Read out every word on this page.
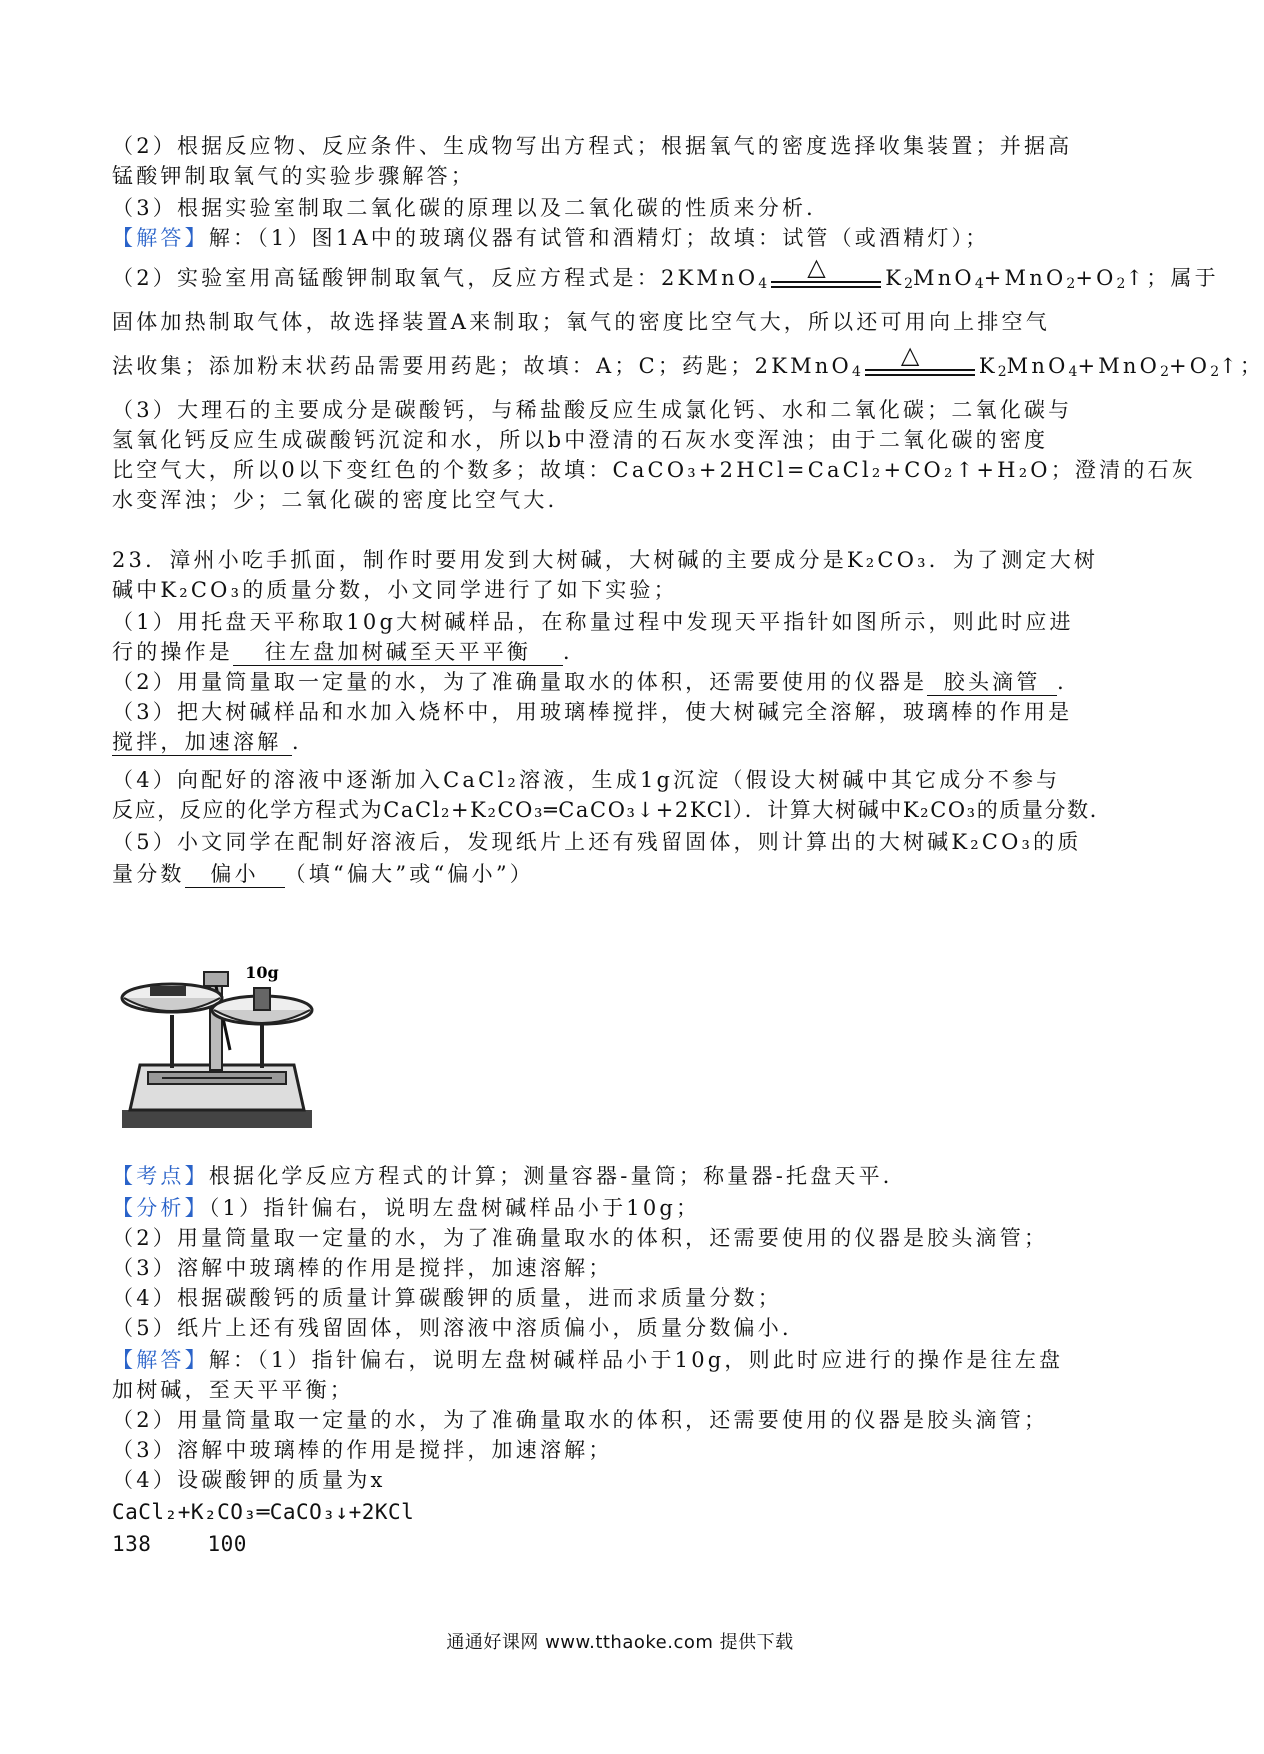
（2）根据反应物、反应条件、生成物写出方程式；根据氧气的密度选择收集装置；并据高
锰酸钾制取氧气的实验步骤解答；
（3）根据实验室制取二氧化碳的原理以及二氧化碳的性质来分析．
【解答】解：（1）图1A中的玻璃仪器有试管和酒精灯；故填：试管（或酒精灯）；
（2）实验室用高锰酸钾制取氧气，反应方程式是：2KMnO$_4$
△	$K_2MnO_4+MnO_2+O_2↑$；属于
固体加热制取气体，故选择装置A来制取；氧气的密度比空气大，所以还可用向上排空气
法收集；添加粉末状药品需要用药匙；故填：A；C；药匙；2KMnO$_4$
△	$K_2MnO_4+MnO_2+O_2↑$；
（3）大理石的主要成分是碳酸钙，与稀盐酸反应生成氯化钙、水和二氧化碳；二氧化碳与
氢氧化钙反应生成碳酸钙沉淀和水，所以b中澄清的石灰水变浑浊；由于二氧化碳的密度
比空气大，所以0以下变红色的个数多；故填：CaCO₃+2HCl=CaCl₂+CO₂↑+H₂O；澄清的石灰
水变浑浊；少；二氧化碳的密度比空气大．
23．漳州小吃手抓面，制作时要用发到大树碱，大树碱的主要成分是K₂CO₃．为了测定大树
碱中K₂CO₃的质量分数，小文同学进行了如下实验；
（1）用托盘天平称取10g大树碱样品，在称量过程中发现天平指针如图所示，则此时应进
行的操作是 往左盘加树碱至天平平衡 ．
（2）用量筒量取一定量的水，为了准确量取水的体积，还需要使用的仪器是 胶头滴管 ．
（3）把大树碱样品和水加入烧杯中，用玻璃棒搅拌，使大树碱完全溶解，玻璃棒的作用是
搅拌，加速溶解 ．
（4）向配好的溶液中逐渐加入CaCl₂溶液，生成1g沉淀（假设大树碱中其它成分不参与
反应，反应的化学方程式为CaCl₂+K₂CO₃═CaCO₃↓+2KCl）．计算大树碱中K₂CO₃的质量分数．
（5）小文同学在配制好溶液后，发现纸片上还有残留固体，则计算出的大树碱K₂CO₃的质
量分数 偏小 （填“偏大”或“偏小”）
10g
【考点】根据化学反应方程式的计算；测量容器-量筒；称量器-托盘天平．
【分析】（1）指针偏右，说明左盘树碱样品小于10g；
（2）用量筒量取一定量的水，为了准确量取水的体积，还需要使用的仪器是胶头滴管；
（3）溶解中玻璃棒的作用是搅拌，加速溶解；
（4）根据碳酸钙的质量计算碳酸钾的质量，进而求质量分数；
（5）纸片上还有残留固体，则溶液中溶质偏小，质量分数偏小．
【解答】解：（1）指针偏右，说明左盘树碱样品小于10g，则此时应进行的操作是往左盘
加树碱，至天平平衡；
（2）用量筒量取一定量的水，为了准确量取水的体积，还需要使用的仪器是胶头滴管；
（3）溶解中玻璃棒的作用是搅拌，加速溶解；
（4）设碳酸钾的质量为x
CaCl₂+K₂CO₃═CaCO₃↓+2KCl
138	100
通通好课网 www.tthaoke.com 提供下载
